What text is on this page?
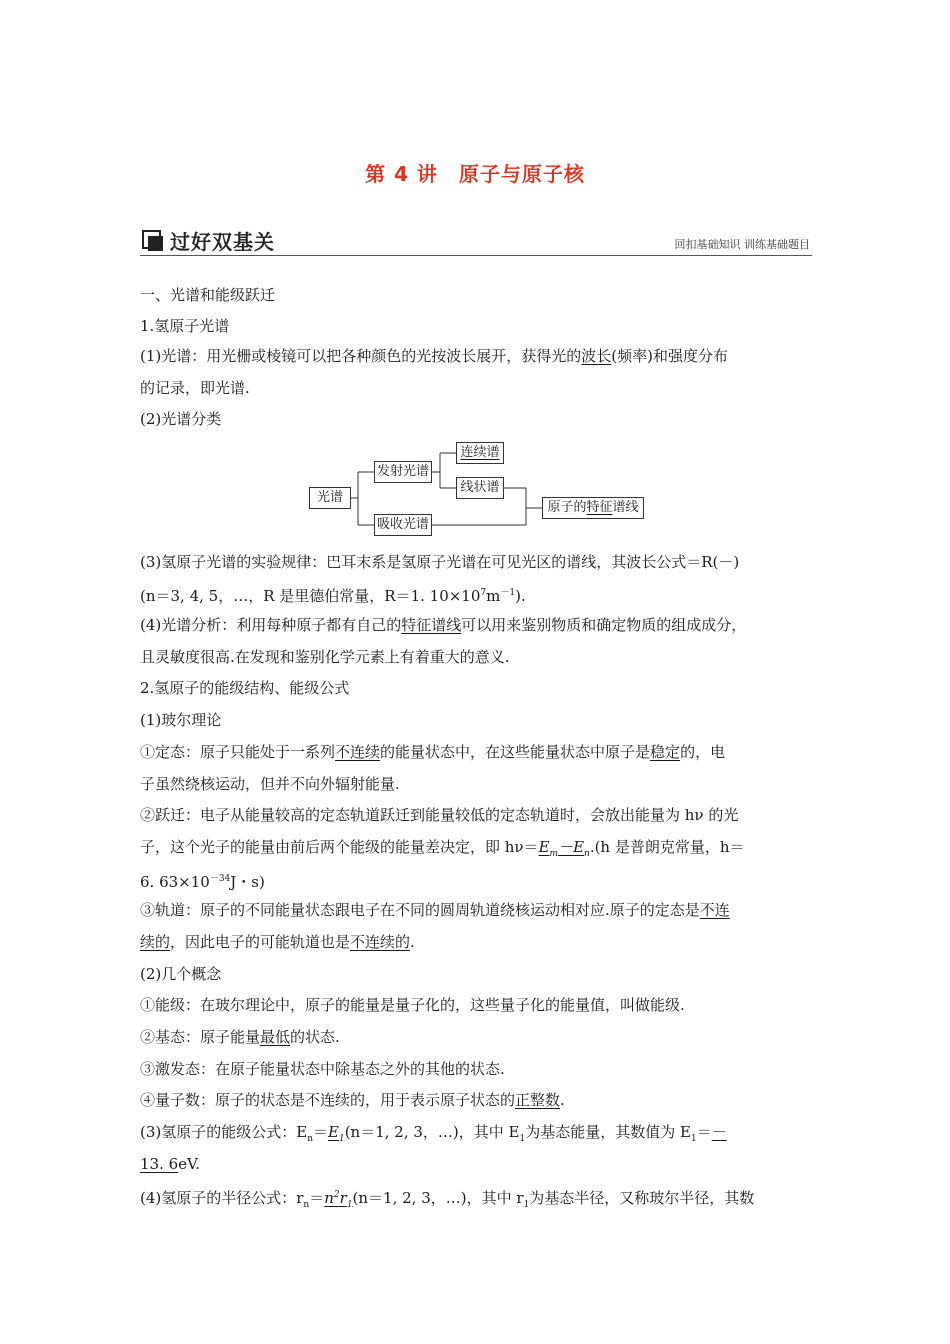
第 4 讲　原子与原子核
过好双基关	回扣基础知识 训练基础题目
一、光谱和能级跃迁
1.氢原子光谱
(1)光谱：用光栅或棱镜可以把各种颜色的光按波长展开，获得光的波长(频率)和强度分布
的记录，即光谱.
(2)光谱分类
光谱
发射光谱
吸收光谱
连续谱
线状谱
原子的特征谱线
(3)氢原子光谱的实验规律：巴耳末系是氢原子光谱在可见光区的谱线，其波长公式＝R(－)
(n＝3, 4, 5，…，R 是里德伯常量，R＝1. $10\times 10^7m^{-1}$).
(4)光谱分析：利用每种原子都有自己的特征谱线可以用来鉴别物质和确定物质的组成成分，
且灵敏度很高.在发现和鉴别化学元素上有着重大的意义.
2.氢原子的能级结构、能级公式
(1)玻尔理论
①定态：原子只能处于一系列不连续的能量状态中，在这些能量状态中原子是稳定的，电
子虽然绕核运动，但并不向外辐射能量.
②跃迁：电子从能量较高的定态轨道跃迁到能量较低的定态轨道时，会放出能量为 hν 的光
子，这个光子的能量由前后两个能级的能量差决定，即 $h\nu=E_m-E_n.(h$ 是普朗克常量，h＝
6. $63\times 10^{-34}J$・s)
③轨道：原子的不同能量状态跟电子在不同的圆周轨道绕核运动相对应.原子的定态是不连
续的，因此电子的可能轨道也是不连续的.
(2)几个概念
①能级：在玻尔理论中，原子的能量是量子化的，这些量子化的能量值，叫做能级.
②基态：原子能量最低的状态.
③激发态：在原子能量状态中除基态之外的其他的状态.
④量子数：原子的状态是不连续的，用于表示原子状态的正整数.
(3)氢原子的能级公式：$E_n=E_1(n=1$, 2, 3，…)，其中 $E_1$为基态能量，其数值为 $E_1=-$
13. 6eV.
(4)氢原子的半径公式：$r_n=n^2r_1(n=1$, 2, 3，…)，其中 $r_1$为基态半径，又称玻尔半径，其数
